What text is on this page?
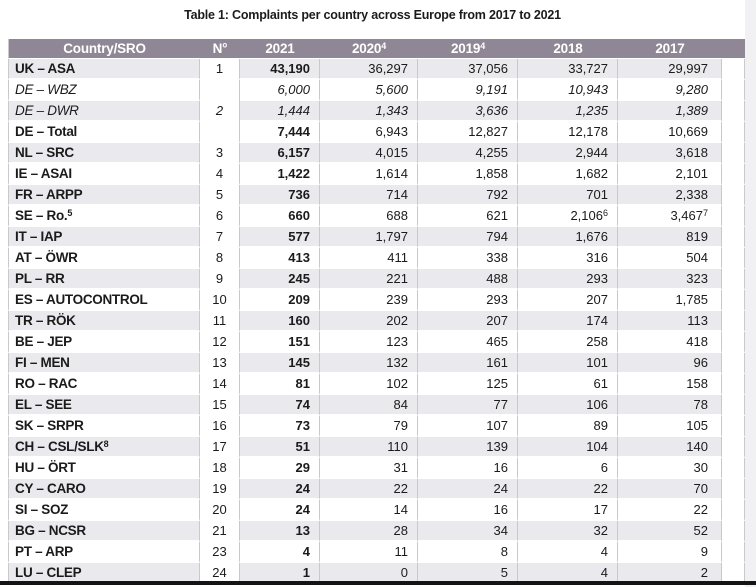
Table 1: Complaints per country across Europe from 2017 to 2021
Country/SRO	N°	2021	2020$^4$	2019$^4$	2018	2017	
UK – ASA	1	43,190	36,297	37,056	33,727	29,997	
DE – WBZ	2	6,000	5,600	9,191	10,943	9,280	
DE – DWR		1,444	1,343	3,636	1,235	1,389	
DE – Total		7,444	6,943	12,827	12,178	10,669	
NL – SRC	3	6,157	4,015	4,255	2,944	3,618	
IE – ASAI	4	1,422	1,614	1,858	1,682	2,101	
FR – ARPP	5	736	714	792	701	2,338	
SE – Ro.$^5$	6	660	688	621	2,106$^6$	3,467$^7$	
IT – IAP	7	577	1,797	794	1,676	819	
AT – ÖWR	8	413	411	338	316	504	
PL – RR	9	245	221	488	293	323	
ES – AUTOCONTROL	10	209	239	293	207	1,785	
TR – RÖK	11	160	202	207	174	113	
BE – JEP	12	151	123	465	258	418	
FI – MEN	13	145	132	161	101	96	
RO – RAC	14	81	102	125	61	158	
EL – SEE	15	74	84	77	106	78	
SK – SRPR	16	73	79	107	89	105	
CH – CSL/SLK$^8$	17	51	110	139	104	140	
HU – ÖRT	18	29	31	16	6	30	
CY – CARO	19	24	22	24	22	70	
SI – SOZ	20	24	14	16	17	22	
BG – NCSR	21	13	28	34	32	52	
PT – ARP	23	4	11	8	4	9	
LU – CLEP	24	1	0	5	4	2	
